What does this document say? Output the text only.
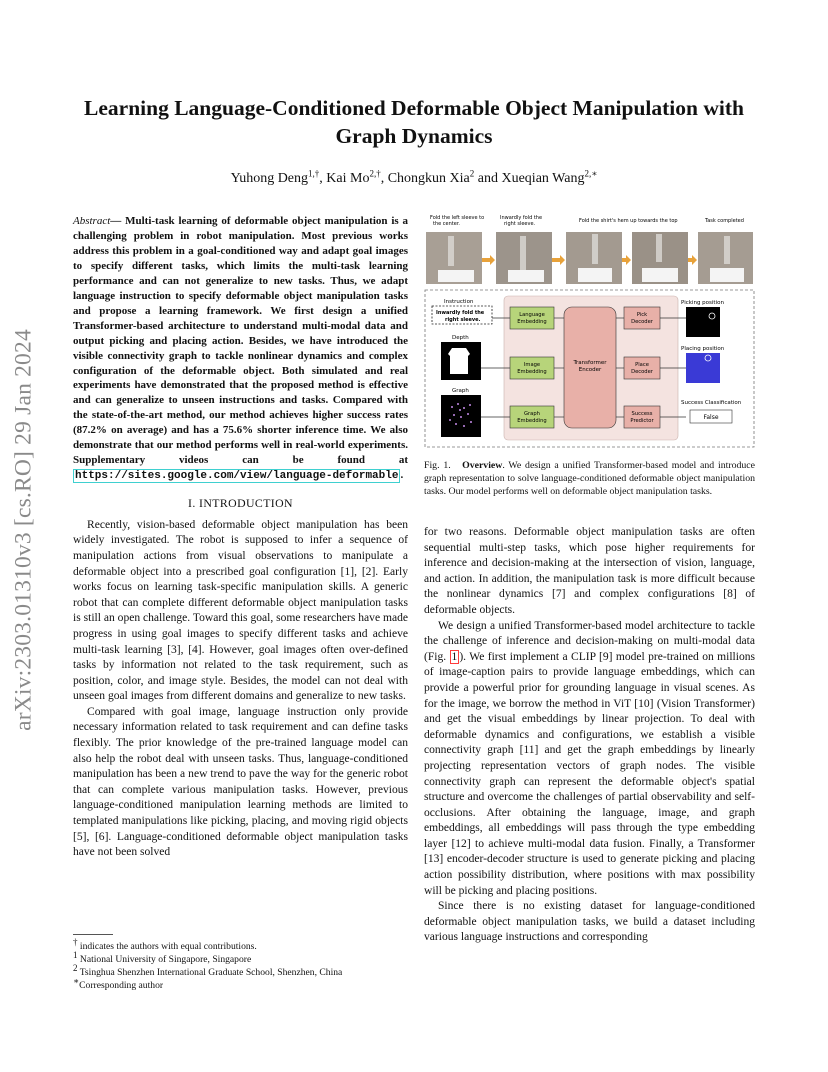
arXiv:2303.01310v3 [cs.RO] 29 Jan 2024
Learning Language-Conditioned Deformable Object Manipulation with Graph Dynamics
Yuhong Deng$^{1,\dagger}$, Kai $Mo^{2,\dagger}$, Chongkun Xia$^2$ and Xueqian Wang$^{2,∗}$
Abstract— Multi-task learning of deformable object manipulation is a challenging problem in robot manipulation. Most previous works address this problem in a goal-conditioned way and adapt goal images to specify different tasks, which limits the multi-task learning performance and can not generalize to new tasks. Thus, we adapt language instruction to specify deformable object manipulation tasks and propose a learning framework. We first design a unified Transformer-based architecture to understand multi-modal data and output picking and placing action. Besides, we have introduced the visible connectivity graph to tackle nonlinear dynamics and complex configuration of the deformable object. Both simulated and real experiments have demonstrated that the proposed method is effective and can generalize to unseen instructions and tasks. Compared with the state-of-the-art method, our method achieves higher success rates (87.2% on average) and has a 75.6% shorter inference time. We also demonstrate that our method performs well in real-world experiments. Supplementary videos can be found at https://sites.google.com/view/language-deformable .
I. INTRODUCTION

Recently, vision-based deformable object manipulation has been widely investigated. The robot is supposed to infer a sequence of manipulation actions from visual observations to manipulate a deformable object into a prescribed goal configuration [1], [2]. Early works focus on learning task-specific manipulation skills. A generic robot that can complete different deformable object manipulation tasks is still an open challenge. Toward this goal, some researchers have made progress in using goal images to specify different tasks and achieve multi-task learning [3], [4]. However, goal images often over-defined tasks by information not related to the task requirement, such as position, color, and image style. Besides, the model can not deal with unseen goal images from different domains and generalize to new tasks.

Compared with goal image, language instruction only provide necessary information related to task requirement and can define tasks flexibly. The prior knowledge of the pre-trained language model can also help the robot deal with unseen tasks. Thus, language-conditioned manipulation has been a new trend to pave the way for the generic robot that can complete various manipulation tasks. However, previous language-conditioned manipulation learning methods are limited to templated manipulations like picking, placing, and moving rigid objects [5], [6]. Language-conditioned deformable object manipulation tasks have not been solved

† indicates the authors with equal contributions.
$^1$ National University of Singapore, Singapore
$^2$ Tsinghua Shenzhen International Graduate School, Shenzhen, China
∗Corresponding author
Fold the left sleeve to the center.
Inwardly fold the right sleeve.	Fold the shirt's hem up towards the top	Task completed
Instruction
Inwardly fold the
right sleeve.
Depth
Graph
Language
Embedding
Image
Embedding
Graph
Embedding
Transformer
Encoder
Pick
Decoder
Place
Decoder
Success
Predictor
Picking position
Placing position
Success Classification
False
Fig. 1. Overview. We design a unified Transformer-based model and introduce graph representation to solve language-conditioned deformable object manipulation tasks. Our model performs well on deformable object manipulation tasks.

for two reasons. Deformable object manipulation tasks are often sequential multi-step tasks, which pose higher requirements for inference and decision-making at the intersection of vision, language, and action. In addition, the manipulation task is more difficult because the nonlinear dynamics [7] and complex configurations [8] of deformable objects.

We design a unified Transformer-based model architecture to tackle the challenge of inference and decision-making on multi-modal data (Fig. 1 ). We first implement a CLIP [9] model pre-trained on millions of image-caption pairs to provide language embeddings, which can provide a powerful prior for grounding language in visual scenes. As for the image, we borrow the method in ViT [10] (Vision Transformer) and get the visual embeddings by linear projection. To deal with deformable dynamics and configurations, we establish a visible connectivity graph [11] and get the graph embeddings by linearly projecting representation vectors of graph nodes. The visible connectivity graph can represent the deformable object's spatial structure and overcome the challenges of partial observability and self-occlusions. After obtaining the language, image, and graph embeddings, all embeddings will pass through the type embedding layer [12] to achieve multi-modal data fusion. Finally, a Transformer [13] encoder-decoder structure is used to generate picking and placing action possibility distribution, where positions with max possibility will be picking and placing positions.

Since there is no existing dataset for language-conditioned deformable object manipulation tasks, we build a dataset including various language instructions and corresponding
